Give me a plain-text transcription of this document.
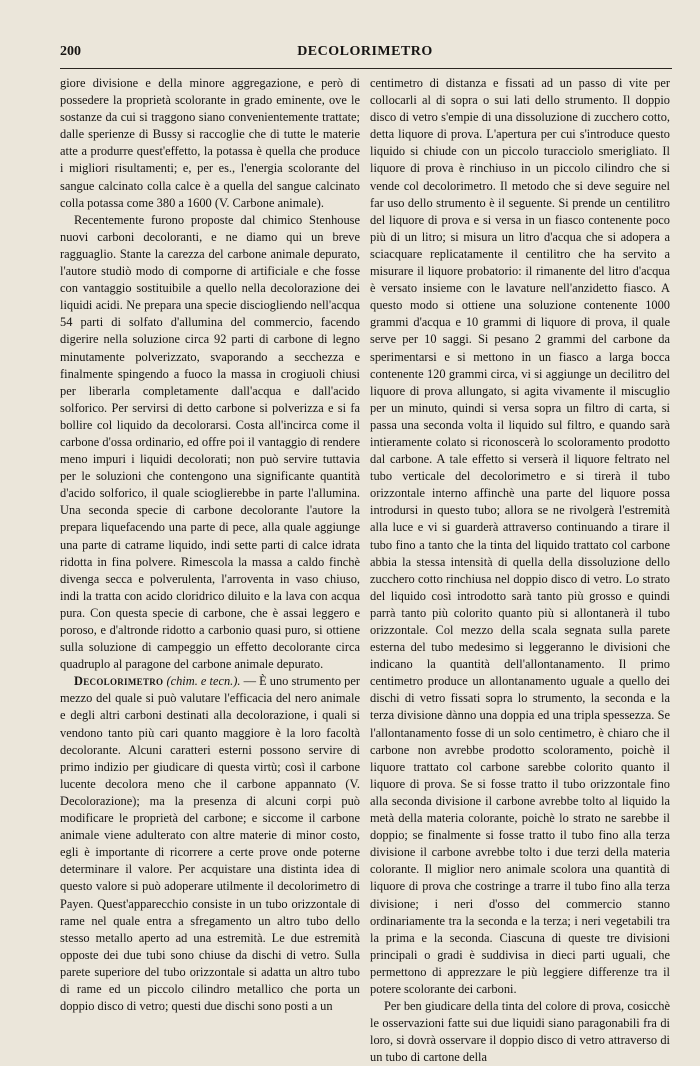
200	DECOLORIMETRO

giore divisione e della minore aggregazione, e però di possedere la proprietà scolorante in grado eminente, ove le sostanze da cui si traggono siano convenientemente trattate; dalle sperienze di Bussy si raccoglie che di tutte le materie atte a produrre quest'effetto, la potassa è quella che produce i migliori risultamenti; e, per es., l'energia scolorante del sangue calcinato colla calce è a quella del sangue calcinato colla potassa come 380 a 1600 (V. Carbone animale).

Recentemente furono proposte dal chimico Stenhouse nuovi carboni decoloranti, e ne diamo qui un breve ragguaglio. Stante la carezza del carbone animale depurato, l'autore studiò modo di comporne di artificiale e che fosse con vantaggio sostituibile a quello nella decolorazione dei liquidi acidi. Ne prepara una specie disciogliendo nell'acqua 54 parti di solfato d'allumina del commercio, facendo digerire nella soluzione circa 92 parti di carbone di legno minutamente polverizzato, svaporando a secchezza e finalmente spingendo a fuoco la massa in crogiuoli chiusi per liberarla completamente dall'acqua e dall'acido solforico. Per servirsi di detto carbone si polverizza e si fa bollire col liquido da decolorarsi. Costa all'incirca come il carbone d'ossa ordinario, ed offre poi il vantaggio di rendere meno impuri i liquidi decolorati; non può servire tuttavia per le soluzioni che contengono una significante quantità d'acido solforico, il quale scioglierebbe in parte l'allumina. Una seconda specie di carbone decolorante l'autore la prepara liquefacendo una parte di pece, alla quale aggiunge una parte di catrame liquido, indi sette parti di calce idrata ridotta in fina polvere. Rimescola la massa a caldo finchè divenga secca e polverulenta, l'arroventa in vaso chiuso, indi la tratta con acido cloridrico diluito e la lava con acqua pura. Con questa specie di carbone, che è assai leggero e poroso, e d'altronde ridotto a carbonio quasi puro, si ottiene sulla soluzione di campeggio un effetto decolorante circa quadruplo al paragone del carbone animale depurato.

Decolorimetro (chim. e tecn.). — È uno strumento per mezzo del quale si può valutare l'efficacia del nero animale e degli altri carboni destinati alla decolorazione, i quali si vendono tanto più cari quanto maggiore è la loro facoltà decolorante. Alcuni caratteri esterni possono servire di primo indizio per giudicare di questa virtù; così il carbone lucente decolora meno che il carbone appannato (V. Decolorazione); ma la presenza di alcuni corpi può modificare le proprietà del carbone; e siccome il carbone animale viene adulterato con altre materie di minor costo, egli è importante di ricorrere a certe prove onde poterne determinare il valore. Per acquistare una distinta idea di questo valore si può adoperare utilmente il decolorimetro di Payen. Quest'apparecchio consiste in un tubo orizzontale di rame nel quale entra a sfregamento un altro tubo dello stesso metallo aperto ad una estremità. Le due estremità opposte dei due tubi sono chiuse da dischi di vetro. Sulla parete superiore del tubo orizzontale si adatta un altro tubo di rame ed un piccolo cilindro metallico che porta un doppio disco di vetro; questi due dischi sono posti a un

centimetro di distanza e fissati ad un passo di vite per collocarli al di sopra o sui lati dello strumento. Il doppio disco di vetro s'empie di una dissoluzione di zucchero cotto, detta liquore di prova. L'apertura per cui s'introduce questo liquido si chiude con un piccolo turacciolo smerigliato. Il liquore di prova è rinchiuso in un piccolo cilindro che si vende col decolorimetro. Il metodo che si deve seguire nel far uso dello strumento è il seguente. Si prende un centilitro del liquore di prova e si versa in un fiasco contenente poco più di un litro; si misura un litro d'acqua che si adopera a sciacquare replicatamente il centilitro che ha servito a misurare il liquore probatorio: il rimanente del litro d'acqua è versato insieme con le lavature nell'anzidetto fiasco. A questo modo si ottiene una soluzione contenente 1000 grammi d'acqua e 10 grammi di liquore di prova, il quale serve per 10 saggi. Si pesano 2 grammi del carbone da sperimentarsi e si mettono in un fiasco a larga bocca contenente 120 grammi circa, vi si aggiunge un decilitro del liquore di prova allungato, si agita vivamente il miscuglio per un minuto, quindi si versa sopra un filtro di carta, si passa una seconda volta il liquido sul filtro, e quando sarà intieramente colato si riconoscerà lo scoloramento prodotto dal carbone. A tale effetto si verserà il liquore feltrato nel tubo verticale del decolorimetro e si tirerà il tubo orizzontale interno affinchè una parte del liquore possa introdursi in questo tubo; allora se ne rivolgerà l'estremità alla luce e vi si guarderà attraverso continuando a tirare il tubo fino a tanto che la tinta del liquido trattato col carbone abbia la stessa intensità di quella della dissoluzione dello zucchero cotto rinchiusa nel doppio disco di vetro. Lo strato del liquido così introdotto sarà tanto più grosso e quindi parrà tanto più colorito quanto più si allontanerà il tubo orizzontale. Col mezzo della scala segnata sulla parete esterna del tubo medesimo si leggeranno le divisioni che indicano la quantità dell'allontanamento. Il primo centimetro produce un allontanamento uguale a quello dei dischi di vetro fissati sopra lo strumento, la seconda e la terza divisione dànno una doppia ed una tripla spessezza. Se l'allontanamento fosse di un solo centimetro, è chiaro che il carbone non avrebbe prodotto scoloramento, poichè il liquore trattato col carbone sarebbe colorito quanto il liquore di prova. Se si fosse tratto il tubo orizzontale fino alla seconda divisione il carbone avrebbe tolto al liquido la metà della materia colorante, poichè lo strato ne sarebbe il doppio; se finalmente si fosse tratto il tubo fino alla terza divisione il carbone avrebbe tolto i due terzi della materia colorante. Il miglior nero animale scolora una quantità di liquore di prova che costringe a trarre il tubo fino alla terza divisione; i neri d'osso del commercio stanno ordinariamente tra la seconda e la terza; i neri vegetabili tra la prima e la seconda. Ciascuna di queste tre divisioni principali o gradi è suddivisa in dieci parti uguali, che permettono di apprezzare le più leggiere differenze tra il potere scolorante dei carboni.

Per ben giudicare della tinta del colore di prova, cosicchè le osservazioni fatte sui due liquidi siano paragonabili fra di loro, si dovrà osservare il doppio disco di vetro attraverso di un tubo di cartone della
